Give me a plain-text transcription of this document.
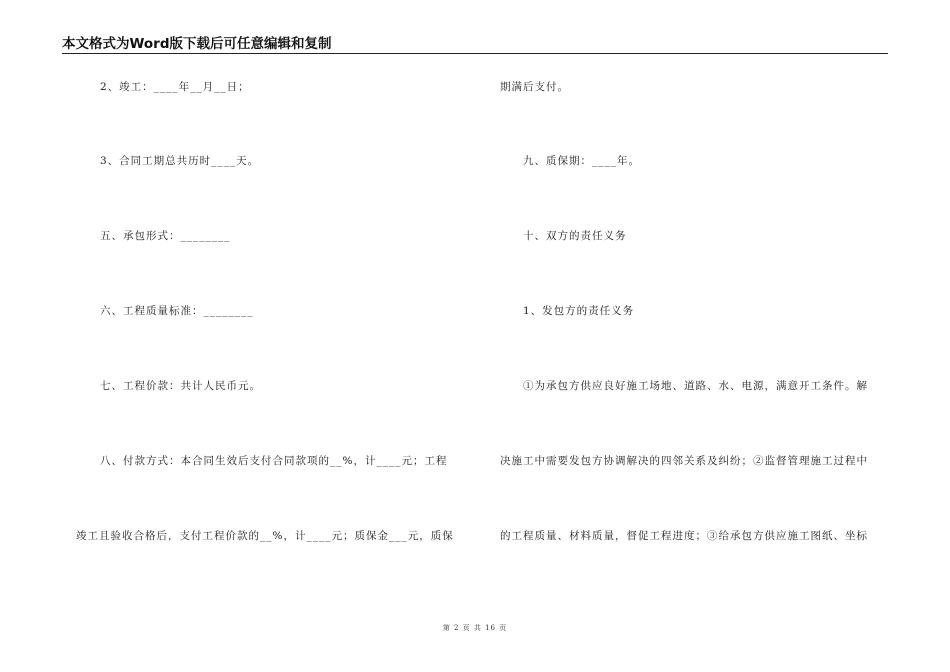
本文格式为Word版下载后可任意编辑和复制
2、竣工：____年__月__日；
3、合同工期总共历时____天。
五、承包形式：________
六、工程质量标准：________
七、工程价款：共计人民币元。
八、付款方式：本合同生效后支付合同款项的__%，计____元；工程
竣工且验收合格后，支付工程价款的__%，计____元；质保金___元，质保
期满后支付。
九、质保期：____年。
十、双方的责任义务
1、发包方的责任义务
①为承包方供应良好施工场地、道路、水、电源，满意开工条件。解
决施工中需要发包方协调解决的四邻关系及纠纷；②监督管理施工过程中
的工程质量、材料质量，督促工程进度；③给承包方供应施工图纸、坐标
第 2 页 共 16 页
